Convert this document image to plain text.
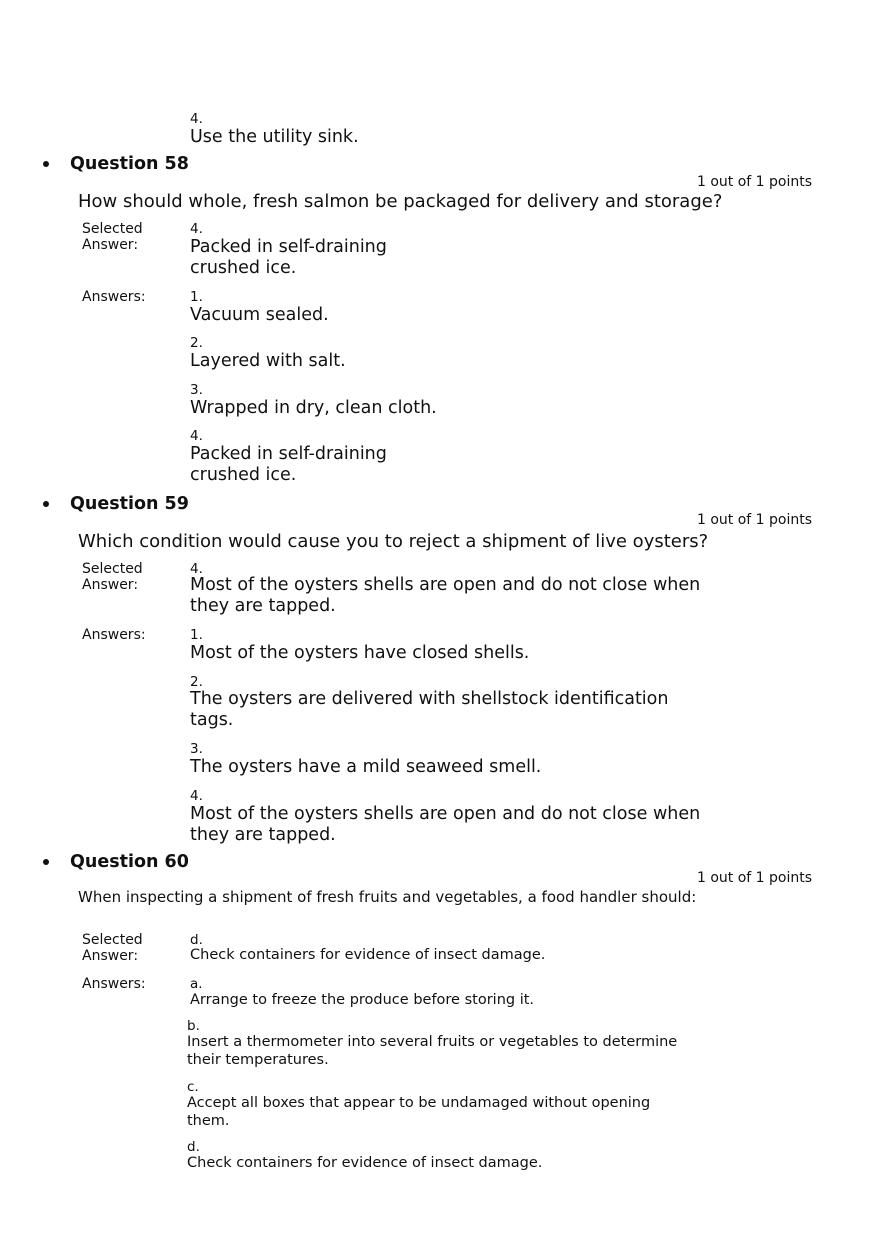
4.
Use the utility sink.
Question 58
1 out of 1 points
How should whole, fresh salmon be packaged for delivery and storage?
Selected Answer:
4.
Packed in self-draining crushed ice.
Answers:	1.
Vacuum sealed.
2.
Layered with salt.
3.
Wrapped in dry, clean cloth.
4.
Packed in self-draining crushed ice.
Question 59
1 out of 1 points
Which condition would cause you to reject a shipment of live oysters?
Selected Answer:
4.
Most of the oysters shells are open and do not close when they are tapped.
Answers:	1.
Most of the oysters have closed shells.
2.
The oysters are delivered with shellstock identification tags.
3.
The oysters have a mild seaweed smell.
4.
Most of the oysters shells are open and do not close when they are tapped.
Question 60
1 out of 1 points
When inspecting a shipment of fresh fruits and vegetables, a food handler should:
Selected Answer:
d.
Check containers for evidence of insect damage.
Answers:	a.
Arrange to freeze the produce before storing it.
b.
Insert a thermometer into several fruits or vegetables to determine their temperatures.
c.
Accept all boxes that appear to be undamaged without opening them.
d.
Check containers for evidence of insect damage.
